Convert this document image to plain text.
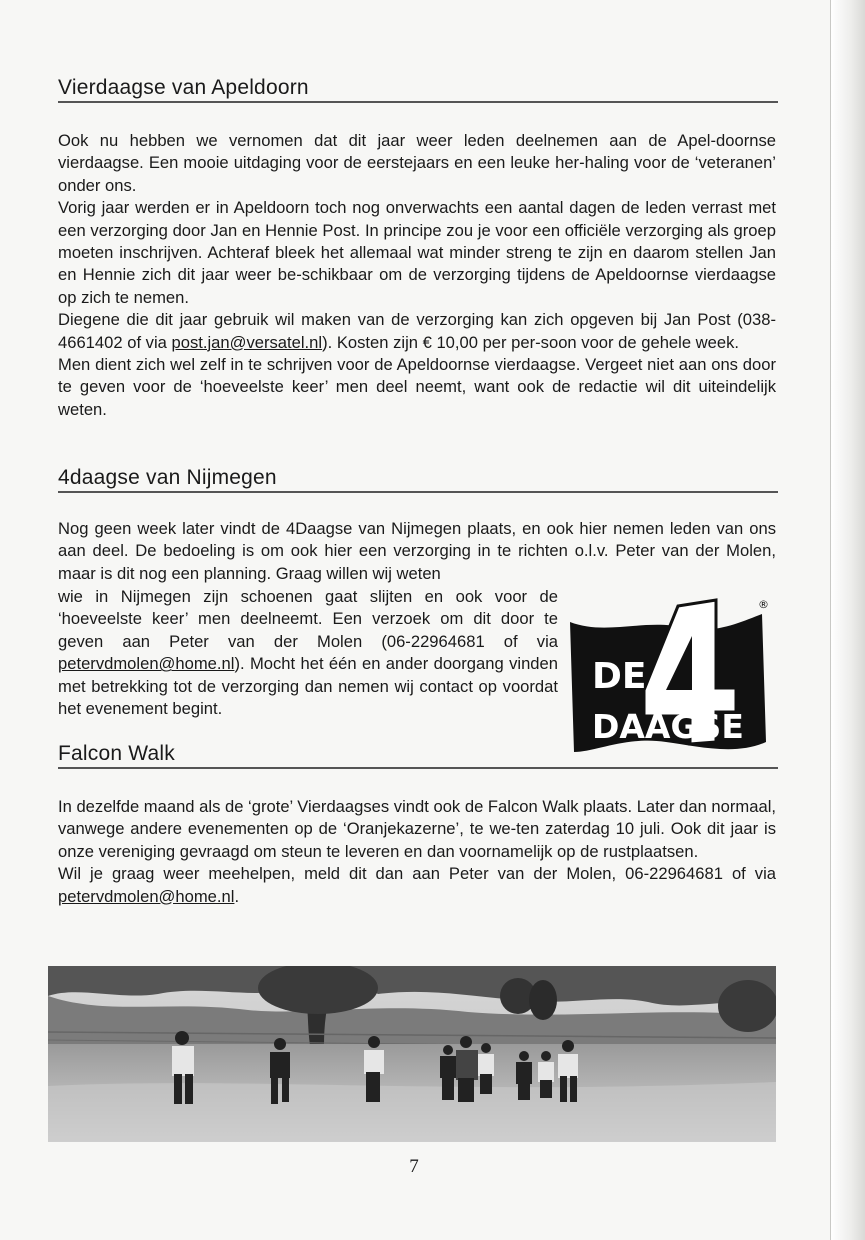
Vierdaagse van Apeldoorn

Ook nu hebben we vernomen dat dit jaar weer leden deelnemen aan de Apel-doornse vierdaagse. Een mooie uitdaging voor de eerstejaars en een leuke her-haling voor de ‘veteranen’ onder ons.

Vorig jaar werden er in Apeldoorn toch nog onverwachts een aantal dagen de leden verrast met een verzorging door Jan en Hennie Post. In principe zou je voor een officiële verzorging als groep moeten inschrijven. Achteraf bleek het allemaal wat minder streng te zijn en daarom stellen Jan en Hennie zich dit jaar weer be-schikbaar om de verzorging tijdens de Apeldoornse vierdaagse op zich te nemen.

Diegene die dit jaar gebruik wil maken van de verzorging kan zich opgeven bij Jan Post (038-4661402 of via post.jan@versatel.nl). Kosten zijn € 10,00 per per-soon voor de gehele week.

Men dient zich wel zelf in te schrijven voor de Apeldoornse vierdaagse. Vergeet niet aan ons door te geven voor de ‘hoeveelste keer’ men deel neemt, want ook de redactie wil dit uiteindelijk weten.

4daagse van Nijmegen

Nog geen week later vindt de 4Daagse van Nijmegen plaats, en ook hier nemen leden van ons aan deel. De bedoeling is om ook hier een verzorging in te richten o.l.v. Peter van der Molen, maar is dit nog een planning. Graag willen wij weten

wie in Nijmegen zijn schoenen gaat slijten en ook voor de ‘hoeveelste keer’ men deelneemt. Een verzoek om dit door te geven aan Peter van der Molen (06-22964681 of via petervdmolen@home.nl). Mocht het één en ander doorgang vinden met betrekking tot de verzorging dan nemen wij contact op voordat het evenement begint.

DE
DAAGSE
®
Falcon Walk

In dezelfde maand als de ‘grote’ Vierdaagses vindt ook de Falcon Walk plaats. Later dan normaal, vanwege andere evenementen op de ‘Oranjekazerne’, te we-ten zaterdag 10 juli. Ook dit jaar is onze vereniging gevraagd om steun te leveren en dan voornamelijk op de rustplaatsen.

Wil je graag weer meehelpen, meld dit dan aan Peter van der Molen, 06-22964681 of via petervdmolen@home.nl.

7
